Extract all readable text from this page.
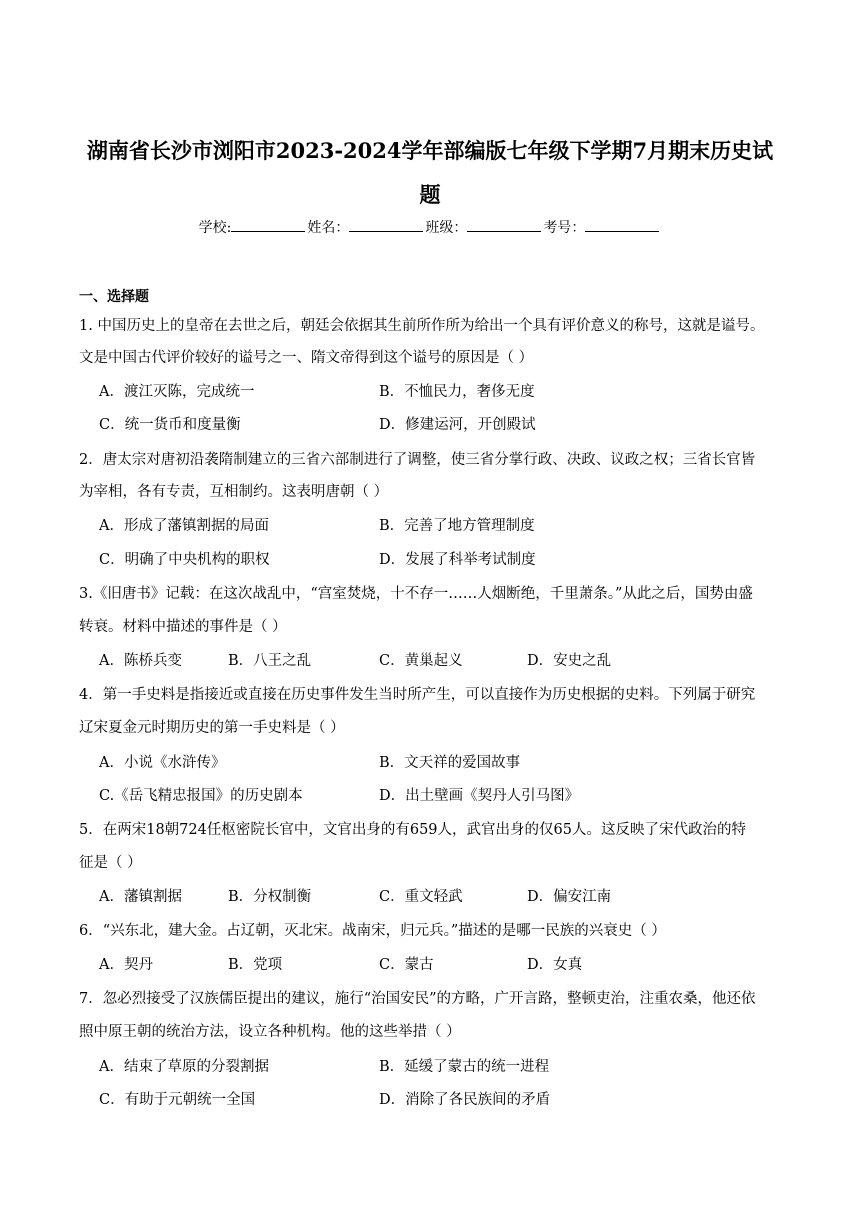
湖南省长沙市浏阳市2023-2024学年部编版七年级下学期7月期末历史试
题
学校:	姓名：	班级：	考号：
一、选择题
1. 中国历史上的皇帝在去世之后，朝廷会依据其生前所作所为给出一个具有评价意义的称号，这就是谥号。
文是中国古代评价较好的谥号之一、隋文帝得到这个谥号的原因是（ ）
A．渡江灭陈，完成统一	B．不恤民力，奢侈无度
C．统一货币和度量衡	D．修建运河，开创殿试
2．唐太宗对唐初沿袭隋制建立的三省六部制进行了调整，使三省分掌行政、决政、议政之权；三省长官皆
为宰相，各有专责，互相制约。这表明唐朝（ ）
A．形成了藩镇割据的局面	B．完善了地方管理制度
C．明确了中央机构的职权	D．发展了科举考试制度
3.《旧唐书》记载：在这次战乱中，“宫室焚烧，十不存一……人烟断绝，千里萧条。”从此之后，国势由盛
转衰。材料中描述的事件是（ ）
A．陈桥兵变	B．八王之乱	C．黄巢起义	D．安史之乱
4．第一手史料是指接近或直接在历史事件发生当时所产生，可以直接作为历史根据的史料。下列属于研究
辽宋夏金元时期历史的第一手史料是（ ）
A．小说《水浒传》	B．文天祥的爱国故事
C.《岳飞精忠报国》的历史剧本	D．出土壁画《契丹人引马图》
5．在两宋18朝724任枢密院长官中，文官出身的有659人，武官出身的仅65人。这反映了宋代政治的特
征是（ ）
A．藩镇割据	B．分权制衡	C．重文轻武	D．偏安江南
6．“兴东北，建大金。占辽朝，灭北宋。战南宋，归元兵。”描述的是哪一民族的兴衰史（ ）
A．契丹	B．党项	C．蒙古	D．女真
7．忽必烈接受了汉族儒臣提出的建议，施行“治国安民”的方略，广开言路，整顿吏治，注重农桑，他还依
照中原王朝的统治方法，设立各种机构。他的这些举措（ ）
A．结束了草原的分裂割据	B．延缓了蒙古的统一进程
C．有助于元朝统一全国	D．消除了各民族间的矛盾
